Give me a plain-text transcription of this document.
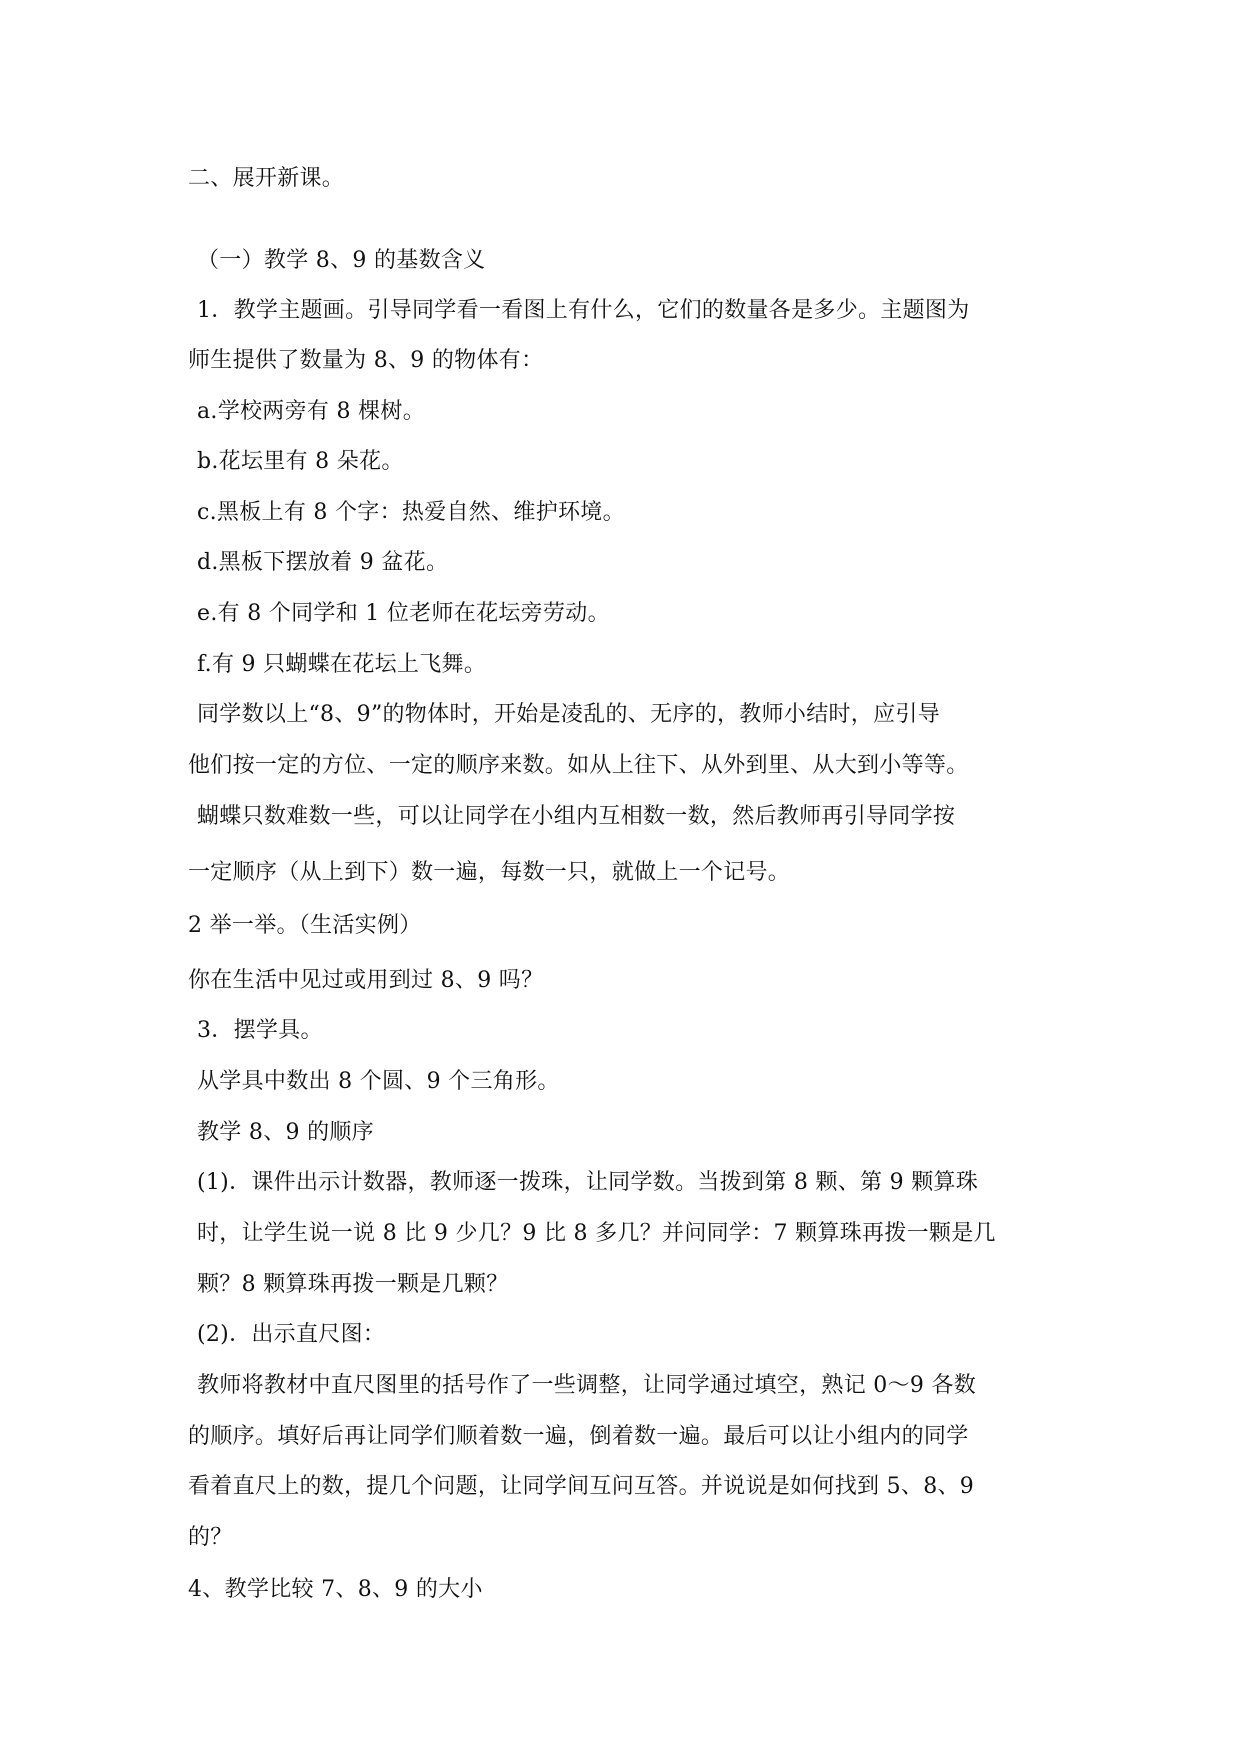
二、展开新课。
（一）教学 8、9 的基数含义
1．教学主题画。引导同学看一看图上有什么，它们的数量各是多少。主题图为
师生提供了数量为 8、9 的物体有：
a.学校两旁有 8 棵树。
b.花坛里有 8 朵花。
c.黑板上有 8 个字：热爱自然、维护环境。
d.黑板下摆放着 9 盆花。
e.有 8 个同学和 1 位老师在花坛旁劳动。
f.有 9 只蝴蝶在花坛上飞舞。
同学数以上“8、9”的物体时，开始是凌乱的、无序的，教师小结时，应引导
他们按一定的方位、一定的顺序来数。如从上往下、从外到里、从大到小等等。
蝴蝶只数难数一些，可以让同学在小组内互相数一数，然后教师再引导同学按
一定顺序（从上到下）数一遍，每数一只，就做上一个记号。
2 举一举。（生活实例）
你在生活中见过或用到过 8、9 吗？
3．摆学具。
从学具中数出 8 个圆、9 个三角形。
教学 8、9 的顺序
(1)．课件出示计数器，教师逐一拨珠，让同学数。当拨到第 8 颗、第 9 颗算珠
时，让学生说一说 8 比 9 少几？9 比 8 多几？并问同学：7 颗算珠再拨一颗是几
颗？8 颗算珠再拨一颗是几颗？
(2)．出示直尺图：
教师将教材中直尺图里的括号作了一些调整，让同学通过填空，熟记 0～9 各数
的顺序。填好后再让同学们顺着数一遍，倒着数一遍。最后可以让小组内的同学
看着直尺上的数，提几个问题，让同学间互问互答。并说说是如何找到 5、8、9
的？
4、教学比较 7、8、9 的大小
